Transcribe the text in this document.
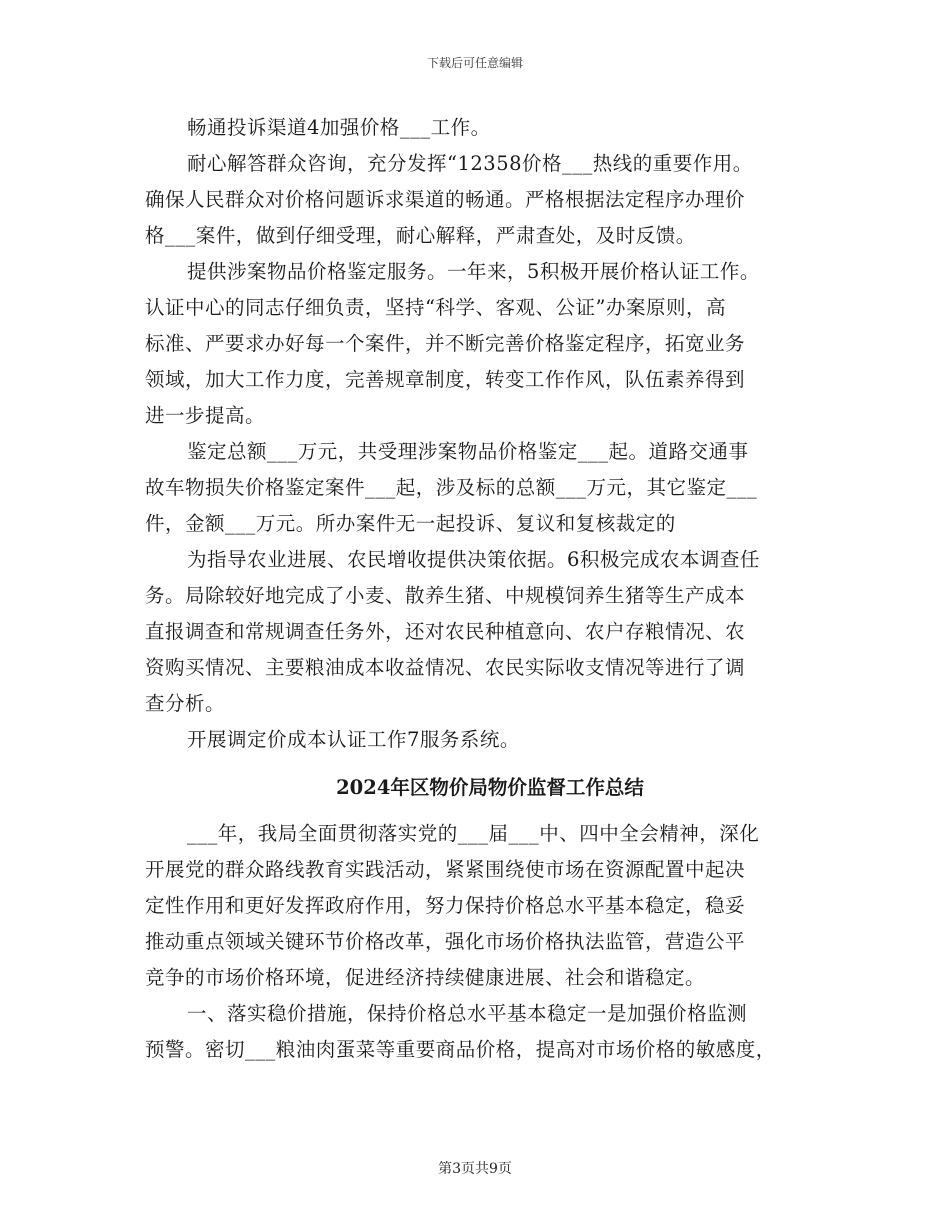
下载后可任意编辑
畅通投诉渠道4加强价格___工作。
耐心解答群众咨询，充分发挥“12358价格___热线的重要作用。
确保人民群众对价格问题诉求渠道的畅通。严格根据法定程序办理价
格___案件，做到仔细受理，耐心解释，严肃查处，及时反馈。
提供涉案物品价格鉴定服务。一年来，5积极开展价格认证工作。
认证中心的同志仔细负责，坚持“科学、客观、公证”办案原则，高
标准、严要求办好每一个案件，并不断完善价格鉴定程序，拓宽业务
领域，加大工作力度，完善规章制度，转变工作作风，队伍素养得到
进一步提高。
鉴定总额___万元，共受理涉案物品价格鉴定___起。道路交通事
故车物损失价格鉴定案件___起，涉及标的总额___万元，其它鉴定___
件，金额___万元。所办案件无一起投诉、复议和复核裁定的
为指导农业进展、农民增收提供决策依据。6积极完成农本调查任
务。局除较好地完成了小麦、散养生猪、中规模饲养生猪等生产成本
直报调查和常规调查任务外，还对农民种植意向、农户存粮情况、农
资购买情况、主要粮油成本收益情况、农民实际收支情况等进行了调
查分析。
开展调定价成本认证工作7服务系统。
2024年区物价局物价监督工作总结
___年，我局全面贯彻落实党的___届___中、四中全会精神，深化
开展党的群众路线教育实践活动，紧紧围绕使市场在资源配置中起决
定性作用和更好发挥政府作用，努力保持价格总水平基本稳定，稳妥
推动重点领域关键环节价格改革，强化市场价格执法监管，营造公平
竞争的市场价格环境，促进经济持续健康进展、社会和谐稳定。
一、落实稳价措施，保持价格总水平基本稳定一是加强价格监测
预警。密切___粮油肉蛋菜等重要商品价格，提高对市场价格的敏感度，
第3页共9页
